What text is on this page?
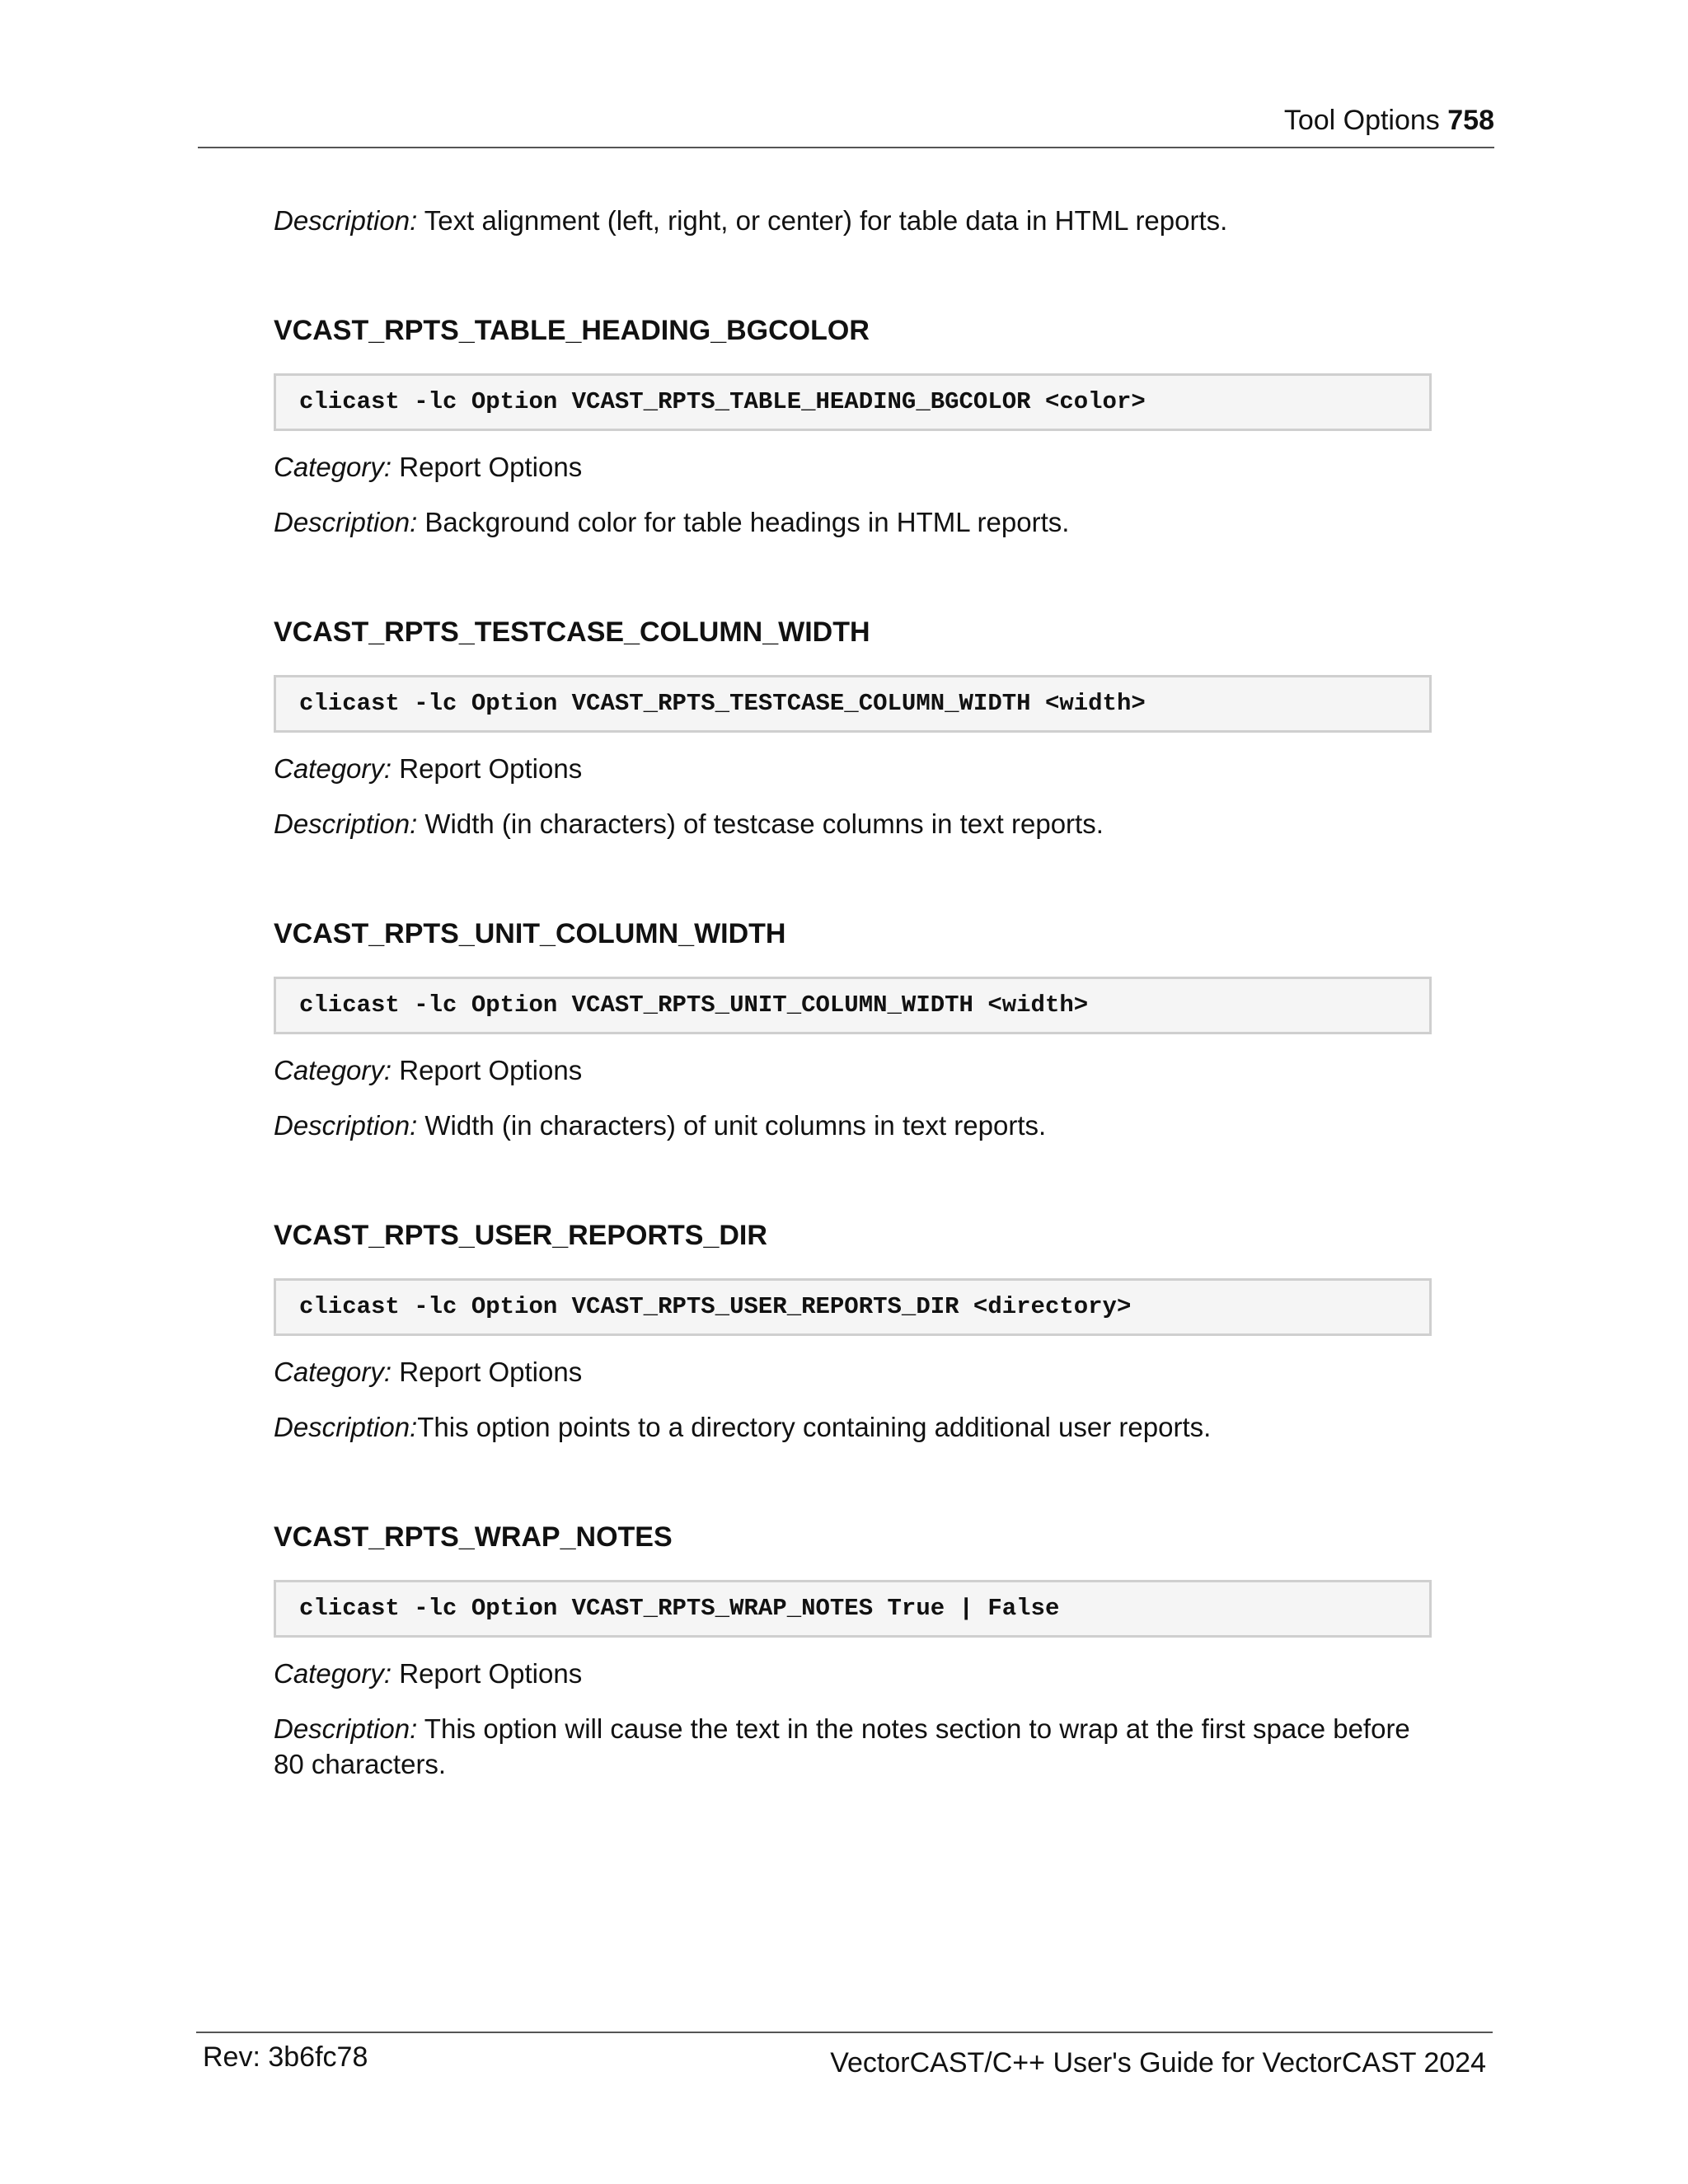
Tool Options 758

Description: Text alignment (left, right, or center) for table data in HTML reports.

VCAST_RPTS_TABLE_HEADING_BGCOLOR

clicast -lc Option VCAST_RPTS_TABLE_HEADING_BGCOLOR <color>

Category: Report Options

Description: Background color for table headings in HTML reports.

VCAST_RPTS_TESTCASE_COLUMN_WIDTH

clicast -lc Option VCAST_RPTS_TESTCASE_COLUMN_WIDTH <width>

Category: Report Options

Description: Width (in characters) of testcase columns in text reports.

VCAST_RPTS_UNIT_COLUMN_WIDTH

clicast -lc Option VCAST_RPTS_UNIT_COLUMN_WIDTH <width>

Category: Report Options

Description: Width (in characters) of unit columns in text reports.

VCAST_RPTS_USER_REPORTS_DIR

clicast -lc Option VCAST_RPTS_USER_REPORTS_DIR <directory>

Category: Report Options

Description:This option points to a directory containing additional user reports.

VCAST_RPTS_WRAP_NOTES

clicast -lc Option VCAST_RPTS_WRAP_NOTES True | False

Category: Report Options

Description: This option will cause the text in the notes section to wrap at the first space before 80 characters.

Rev: 3b6fc78	VectorCAST/C++ User's Guide for VectorCAST 2024
